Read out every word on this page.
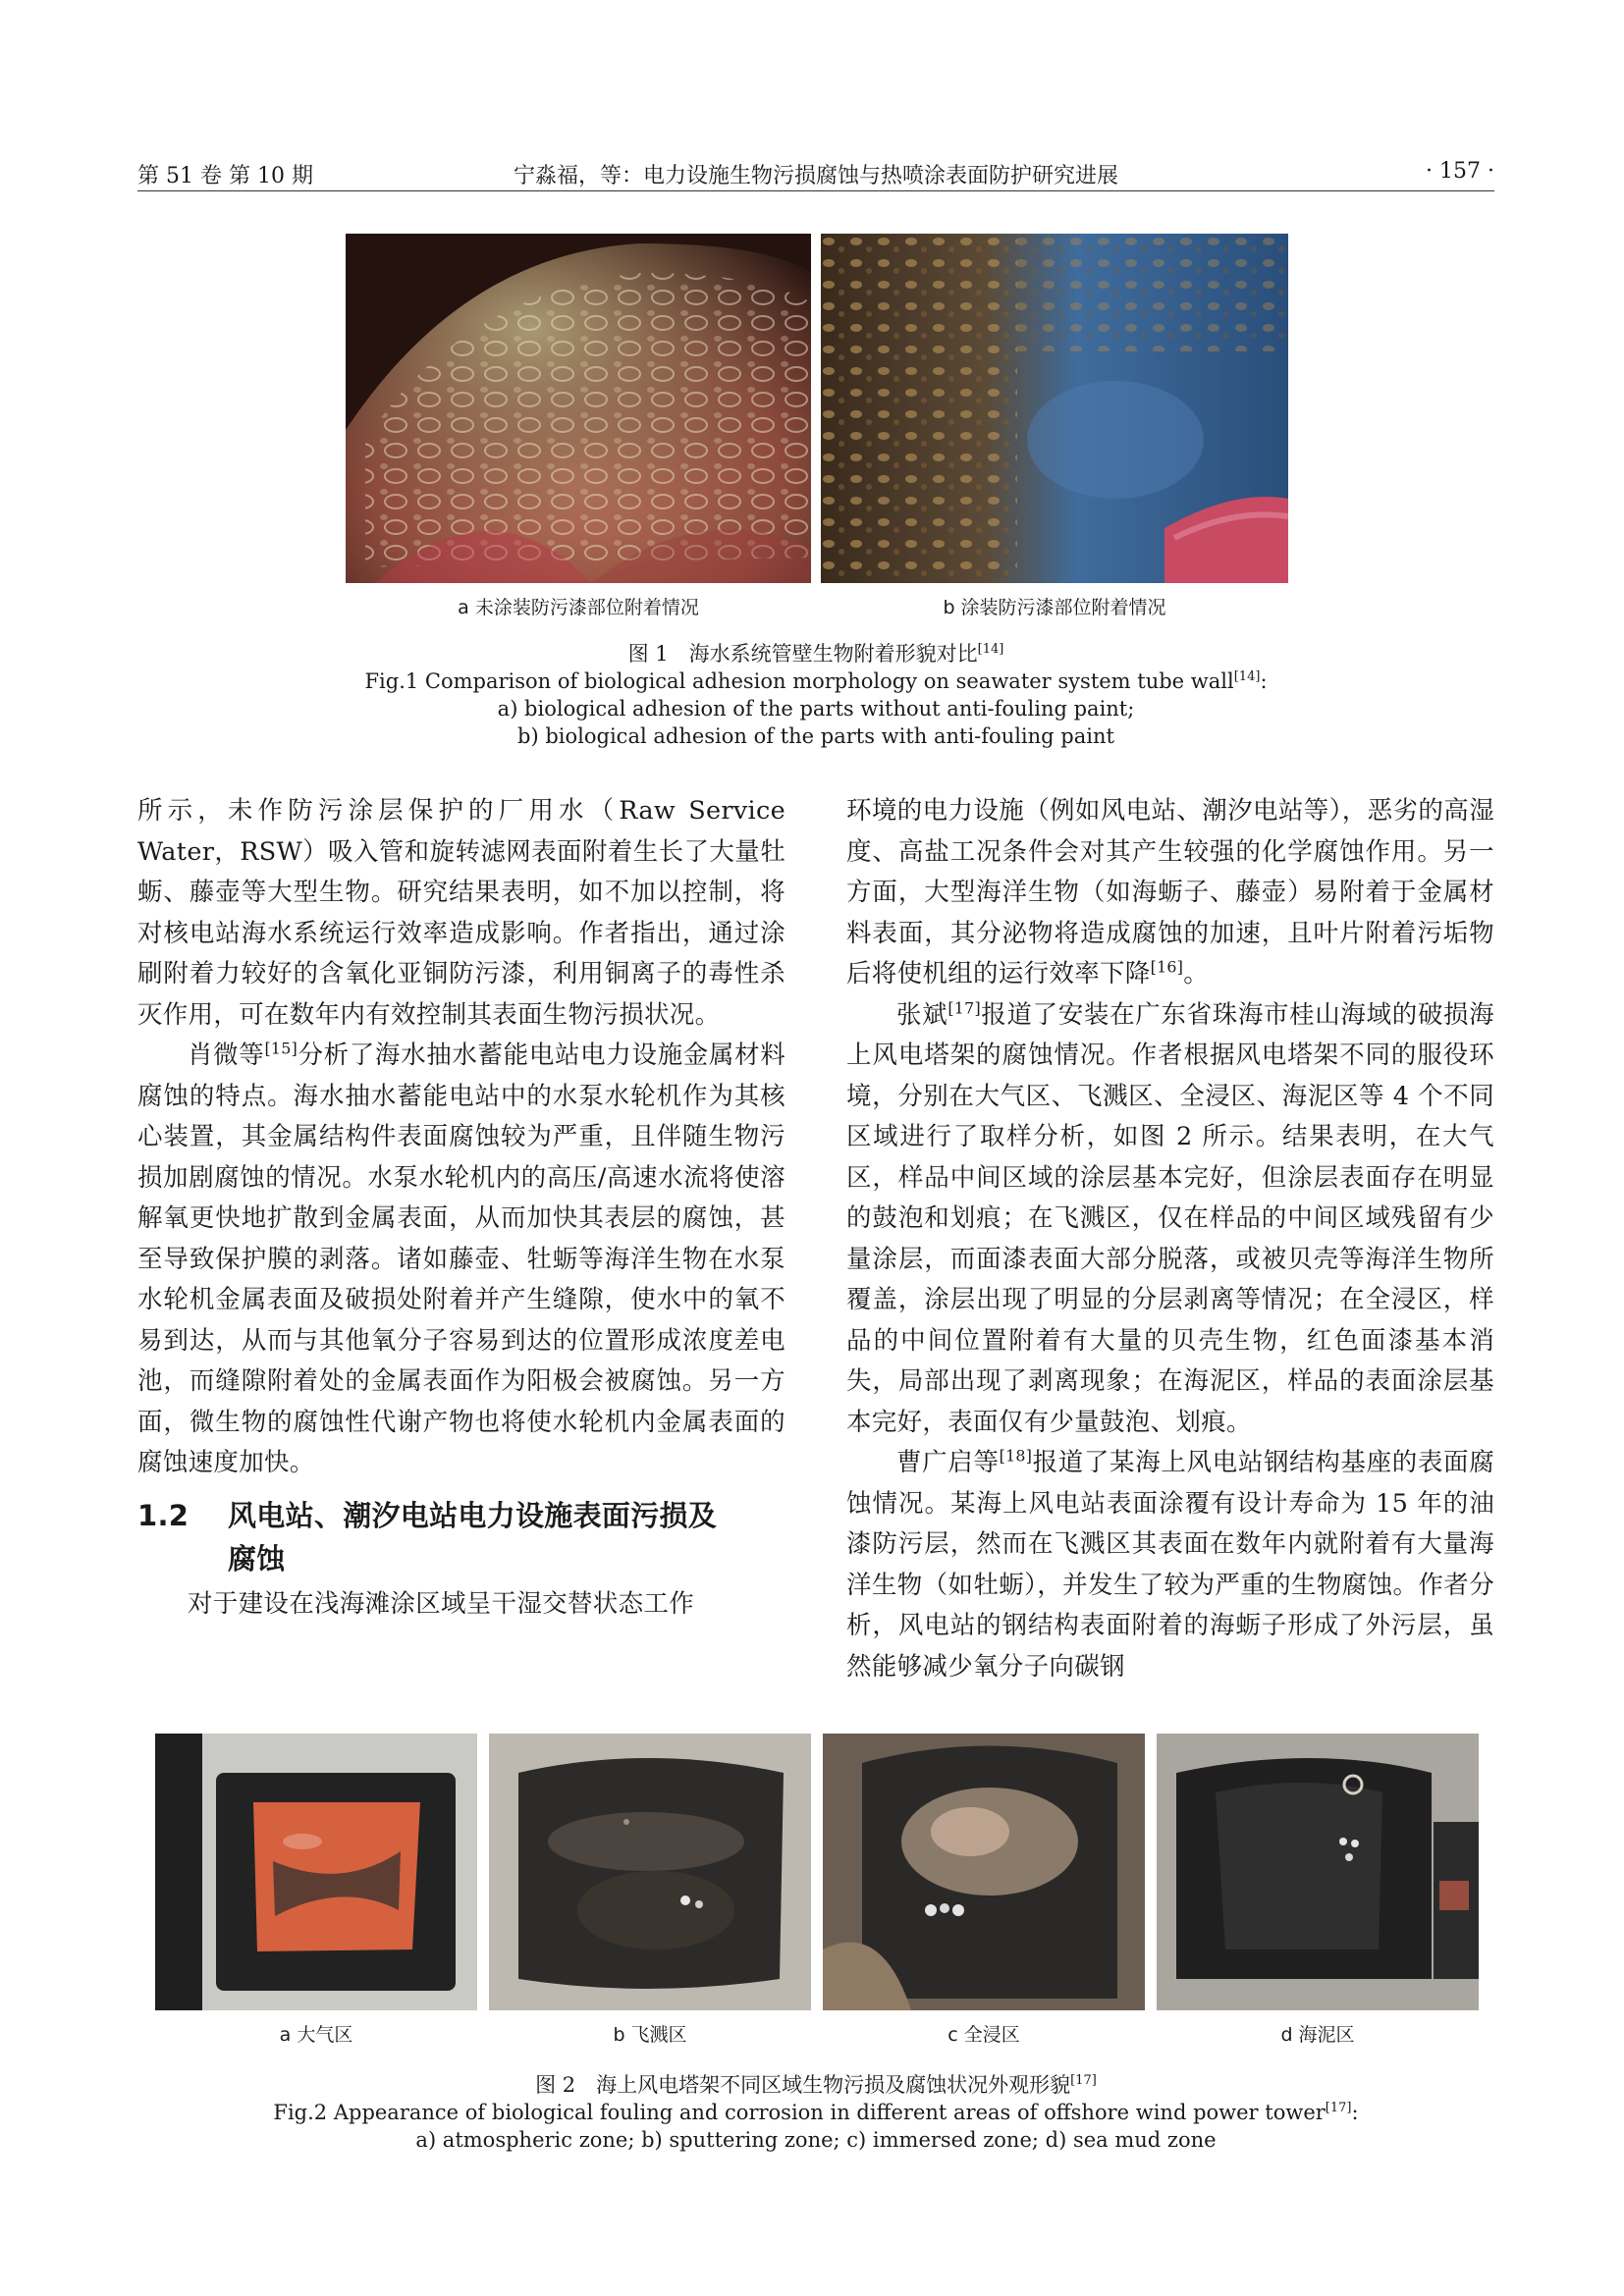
第 51 卷 第 10 期	宁淼福，等：电力设施生物污损腐蚀与热喷涂表面防护研究进展	· 157 ·
a 未涂装防污漆部位附着情况	b 涂装防污漆部位附着情况
图 1　海水系统管壁生物附着形貌对比[14]
Fig.1 Comparison of biological adhesion morphology on seawater system tube wall[14]:
a) biological adhesion of the parts without anti-fouling paint;
b) biological adhesion of the parts with anti-fouling paint

所示，未作防污涂层保护的厂用水（Raw Service Water，RSW）吸入管和旋转滤网表面附着生长了大量牡蛎、藤壶等大型生物。研究结果表明，如不加以控制，将对核电站海水系统运行效率造成影响。作者指出，通过涂刷附着力较好的含氧化亚铜防污漆，利用铜离子的毒性杀灭作用，可在数年内有效控制其表面生物污损状况。

肖微等[15]分析了海水抽水蓄能电站电力设施金属材料腐蚀的特点。海水抽水蓄能电站中的水泵水轮机作为其核心装置，其金属结构件表面腐蚀较为严重，且伴随生物污损加剧腐蚀的情况。水泵水轮机内的高压/高速水流将使溶解氧更快地扩散到金属表面，从而加快其表层的腐蚀，甚至导致保护膜的剥落。诸如藤壶、牡蛎等海洋生物在水泵水轮机金属表面及破损处附着并产生缝隙，使水中的氧不易到达，从而与其他氧分子容易到达的位置形成浓度差电池，而缝隙附着处的金属表面作为阳极会被腐蚀。另一方面，微生物的腐蚀性代谢产物也将使水轮机内金属表面的腐蚀速度加快。

1.2 风电站、潮汐电站电力设施表面污损及
腐蚀

对于建设在浅海滩涂区域呈干湿交替状态工作

环境的电力设施（例如风电站、潮汐电站等），恶劣的高湿度、高盐工况条件会对其产生较强的化学腐蚀作用。另一方面，大型海洋生物（如海蛎子、藤壶）易附着于金属材料表面，其分泌物将造成腐蚀的加速，且叶片附着污垢物后将使机组的运行效率下降[16]。

张斌[17]报道了安装在广东省珠海市桂山海域的破损海上风电塔架的腐蚀情况。作者根据风电塔架不同的服役环境，分别在大气区、飞溅区、全浸区、海泥区等 4 个不同区域进行了取样分析，如图 2 所示。结果表明，在大气区，样品中间区域的涂层基本完好，但涂层表面存在明显的鼓泡和划痕；在飞溅区，仅在样品的中间区域残留有少量涂层，而面漆表面大部分脱落，或被贝壳等海洋生物所覆盖，涂层出现了明显的分层剥离等情况；在全浸区，样品的中间位置附着有大量的贝壳生物，红色面漆基本消失，局部出现了剥离现象；在海泥区，样品的表面涂层基本完好，表面仅有少量鼓泡、划痕。

曹广启等[18]报道了某海上风电站钢结构基座的表面腐蚀情况。某海上风电站表面涂覆有设计寿命为 15 年的油漆防污层，然而在飞溅区其表面在数年内就附着有大量海洋生物（如牡蛎），并发生了较为严重的生物腐蚀。作者分析，风电站的钢结构表面附着的海蛎子形成了外污层，虽然能够减少氧分子向碳钢

a 大气区	b 飞溅区	c 全浸区	d 海泥区
图 2　海上风电塔架不同区域生物污损及腐蚀状况外观形貌[17]
Fig.2 Appearance of biological fouling and corrosion in different areas of offshore wind power tower[17]:
a) atmospheric zone; b) sputtering zone; c) immersed zone; d) sea mud zone
